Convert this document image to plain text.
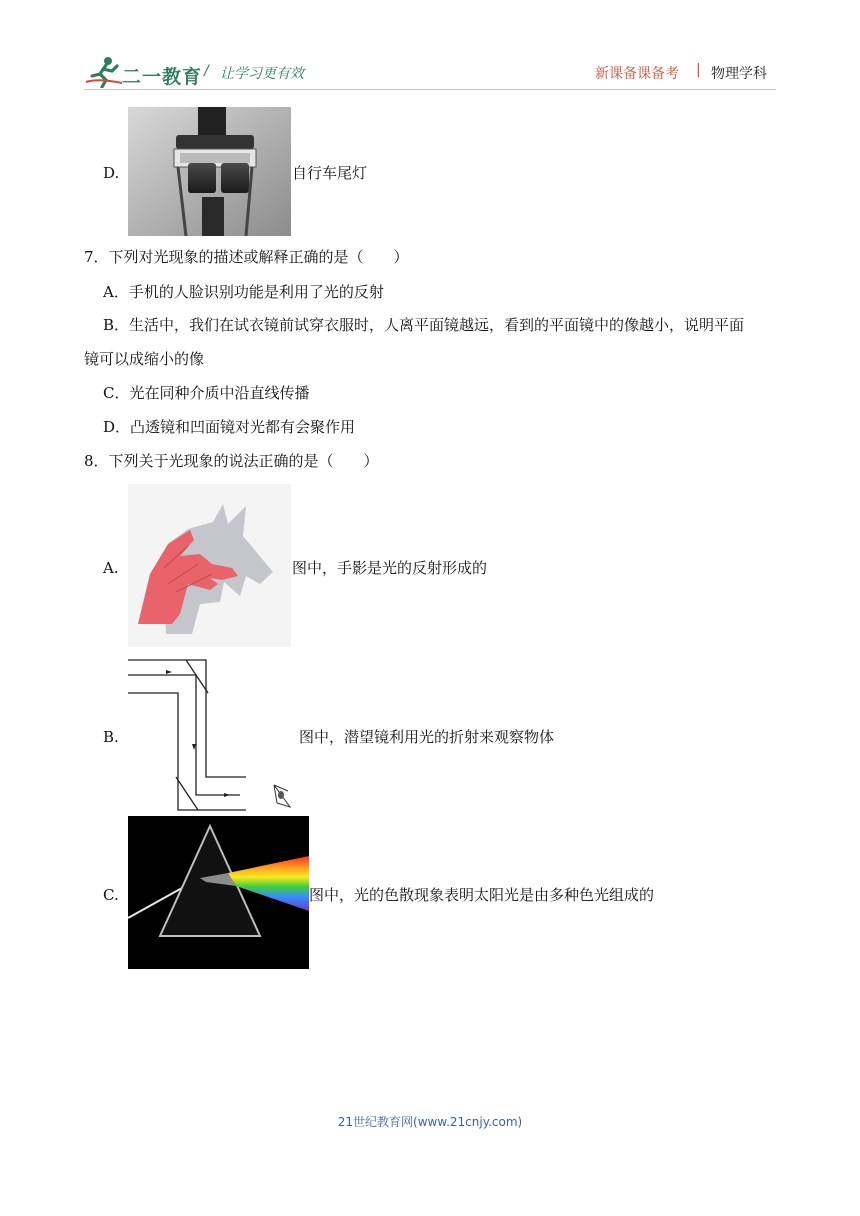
二一教育 / 让学习更有效	新课备课备考 | 物理学科
D.	自行车尾灯
7．下列对光现象的描述或解释正确的是（　　）
A．手机的人脸识别功能是利用了光的反射
B．生活中，我们在试衣镜前试穿衣服时，人离平面镜越远，看到的平面镜中的像越小，说明平面
镜可以成缩小的像
C．光在同种介质中沿直线传播
D．凸透镜和凹面镜对光都有会聚作用
8．下列关于光现象的说法正确的是（　　）
A.	图中，手影是光的反射形成的
B.	图中，潜望镜利用光的折射来观察物体
C.	图中，光的色散现象表明太阳光是由多种色光组成的
21世纪教育网(www.21cnjy.com)
